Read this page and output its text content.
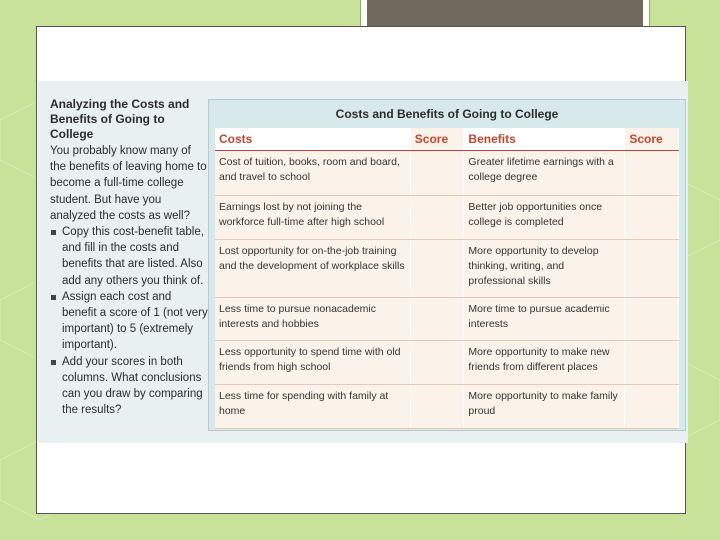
Analyzing the Costs and Benefits of Going to College
You probably know many of the benefits of leaving home to become a full-time college student. But have you analyzed the costs as well?
Copy this cost-benefit table, and fill in the costs and benefits that are listed. Also add any others you think of.
Assign each cost and benefit a score of 1 (not very important) to 5 (extremely important).
Add your scores in both columns. What conclusions can you draw by comparing the results?
Costs and Benefits of Going to College
Costs	Score	Benefits	Score
Cost of tuition, books, room and board, and travel to school		Greater lifetime earnings with a college degree	
Earnings lost by not joining the workforce full-time after high school		Better job opportunities once college is completed	
Lost opportunity for on-the-job training and the development of workplace skills		More opportunity to develop thinking, writing, and professional skills	
Less time to pursue nonacademic interests and hobbies		More time to pursue academic interests	
Less opportunity to spend time with old friends from high school		More opportunity to make new friends from different places	
Less time for spending with family at home		More opportunity to make family proud	
